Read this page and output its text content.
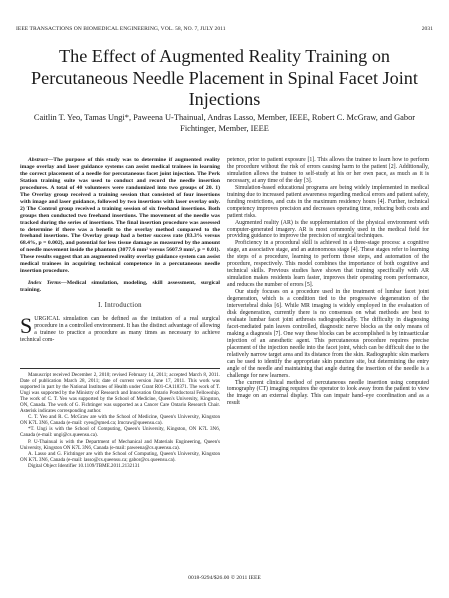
IEEE TRANSACTIONS ON BIOMEDICAL ENGINEERING, VOL. 58, NO. 7, JULY 2011	2031
The Effect of Augmented Reality Training on Percutaneous Needle Placement in Spinal Facet Joint Injections
Caitlin T. Yeo, Tamas Ungi*, Paweena U-Thainual, Andras Lasso, Member, IEEE, Robert C. McGraw, and Gabor Fichtinger, Member, IEEE

Abstract—The purpose of this study was to determine if augmented reality image overlay and laser guidance systems can assist medical trainees in learning the correct placement of a needle for percutaneous facet joint injection. The Perk Station training suite was used to conduct and record the needle insertion procedures. A total of 40 volunteers were randomized into two groups of 20. 1) The Overlay group received a training session that consisted of four insertions with image and laser guidance, followed by two insertions with laser overlay only. 2) The Control group received a training session of six freehand insertions. Both groups then conducted two freehand insertions. The movement of the needle was tracked during the series of insertions. The final insertion procedure was assessed to determine if there was a benefit to the overlay method compared to the freehand insertions. The Overlay group had a better success rate (83.3% versus 68.4%, p = 0.002), and potential for less tissue damage as measured by the amount of needle movement inside the phantom (3077.6 mm² versus 5607.9 mm², p = 0.01). These results suggest that an augmented reality overlay guidance system can assist medical trainees in acquiring technical competence in a percutaneous needle insertion procedure.

Index Terms—Medical simulation, modeling, skill assessment, surgical training.

I. Introduction

SURGICAL simulation can be defined as the imitation of a real surgical procedure in a controlled environment. It has the distinct advantage of allowing a trainee to practice a procedure as many times as necessary to achieve technical com-

Manuscript received December 2, 2010; revised February 14, 2011; accepted March 8, 2011. Date of publication March 28, 2011; date of current version June 17, 2011. This work was supported in part by the National Institutes of Health under Grant R01-CA118371. The work of T. Ungi was supported by the Ministry of Research and Innovation Ontario Postdoctoral Fellowship. The work of C. T. Yeo was supported by the School of Medicine, Queen's University, Kingston, ON, Canada. The work of G. Fichtinger was supported as a Cancer Care Ontario Research Chair. Asterisk indicates corresponding author.

C. T. Yeo and R. C. McGraw are with the School of Medicine, Queen's University, Kingston ON K7L 3N6, Canada (e-mail: cyeo@qmed.ca; Imcraw@queensu.ca).

*T. Ungi is with the School of Computing, Queen's University, Kingston, ON K7L 3N6, Canada (e-mail: ungi@cs.queensu.ca).

P. U-Thainual is with the Department of Mechanical and Materials Engineering, Queen's University, Kingston ON K7L 3N6, Canada (e-mail: paweena@cs.queensu.ca).

A. Lasso and G. Fichtinger are with the School of Computing, Queen's University, Kingston ON K7L 3N6, Canada (e-mail: lasso@cs.queensu.ca; gabor@cs.queensu.ca).

Digital Object Identifier 10.1109/TBME.2011.2132131

petence, prior to patient exposure [1]. This allows the trainee to learn how to perform the procedure without the risk of errors causing harm to the patient [2]. Additionally, simulation allows the trainee to self-study at his or her own pace, as much as it is necessary, at any time of the day [3].

Simulation-based educational programs are being widely implemented in medical training due to increased patient awareness regarding medical errors and patient safety, funding restrictions, and cuts in the maximum residency hours [4]. Further, technical competency improves precision and decreases operating time, reducing both costs and patient risks.

Augmented reality (AR) is the supplementation of the physical environment with computer-generated imagery. AR is most commonly used in the medical field for providing guidance to improve the precision of surgical techniques.

Proficiency in a procedural skill is achieved in a three-stage process: a cognitive stage, an associative stage, and an autonomous stage [4]. These stages refer to learning the steps of a procedure, learning to perform those steps, and automation of the procedure, respectively. This model combines the importance of both cognitive and technical skills. Previous studies have shown that training specifically with AR simulation makes residents learn faster, improves their operating room performance, and reduces the number of errors [5].

Our study focuses on a procedure used in the treatment of lumbar facet joint degeneration, which is a condition tied to the progressive degeneration of the intervertebral disks [6]. While MR imaging is widely employed in the evaluation of disk degeneration, currently there is no consensus on what methods are best to evaluate lumbar facet joint arthrosis radiographically. The difficulty in diagnosing facet-mediated pain leaves controlled, diagnostic nerve blocks as the only means of making a diagnosis [7]. One way these blocks can be accomplished is by intraarticular injection of an anesthetic agent. This percutaneous procedure requires precise placement of the injection needle into the facet joint, which can be difficult due to the relatively narrow target area and its distance from the skin. Radiographic skin markers can be used to identify the appropriate skin puncture site, but determining the entry angle of the needle and maintaining that angle during the insertion of the needle is a challenge for new learners.

The current clinical method of percutaneous needle insertion using computed tomography (CT) imaging requires the operator to look away from the patient to view the image on an external display. This can impair hand–eye coordination and as a result

0018-9294/$26.00 © 2011 IEEE
